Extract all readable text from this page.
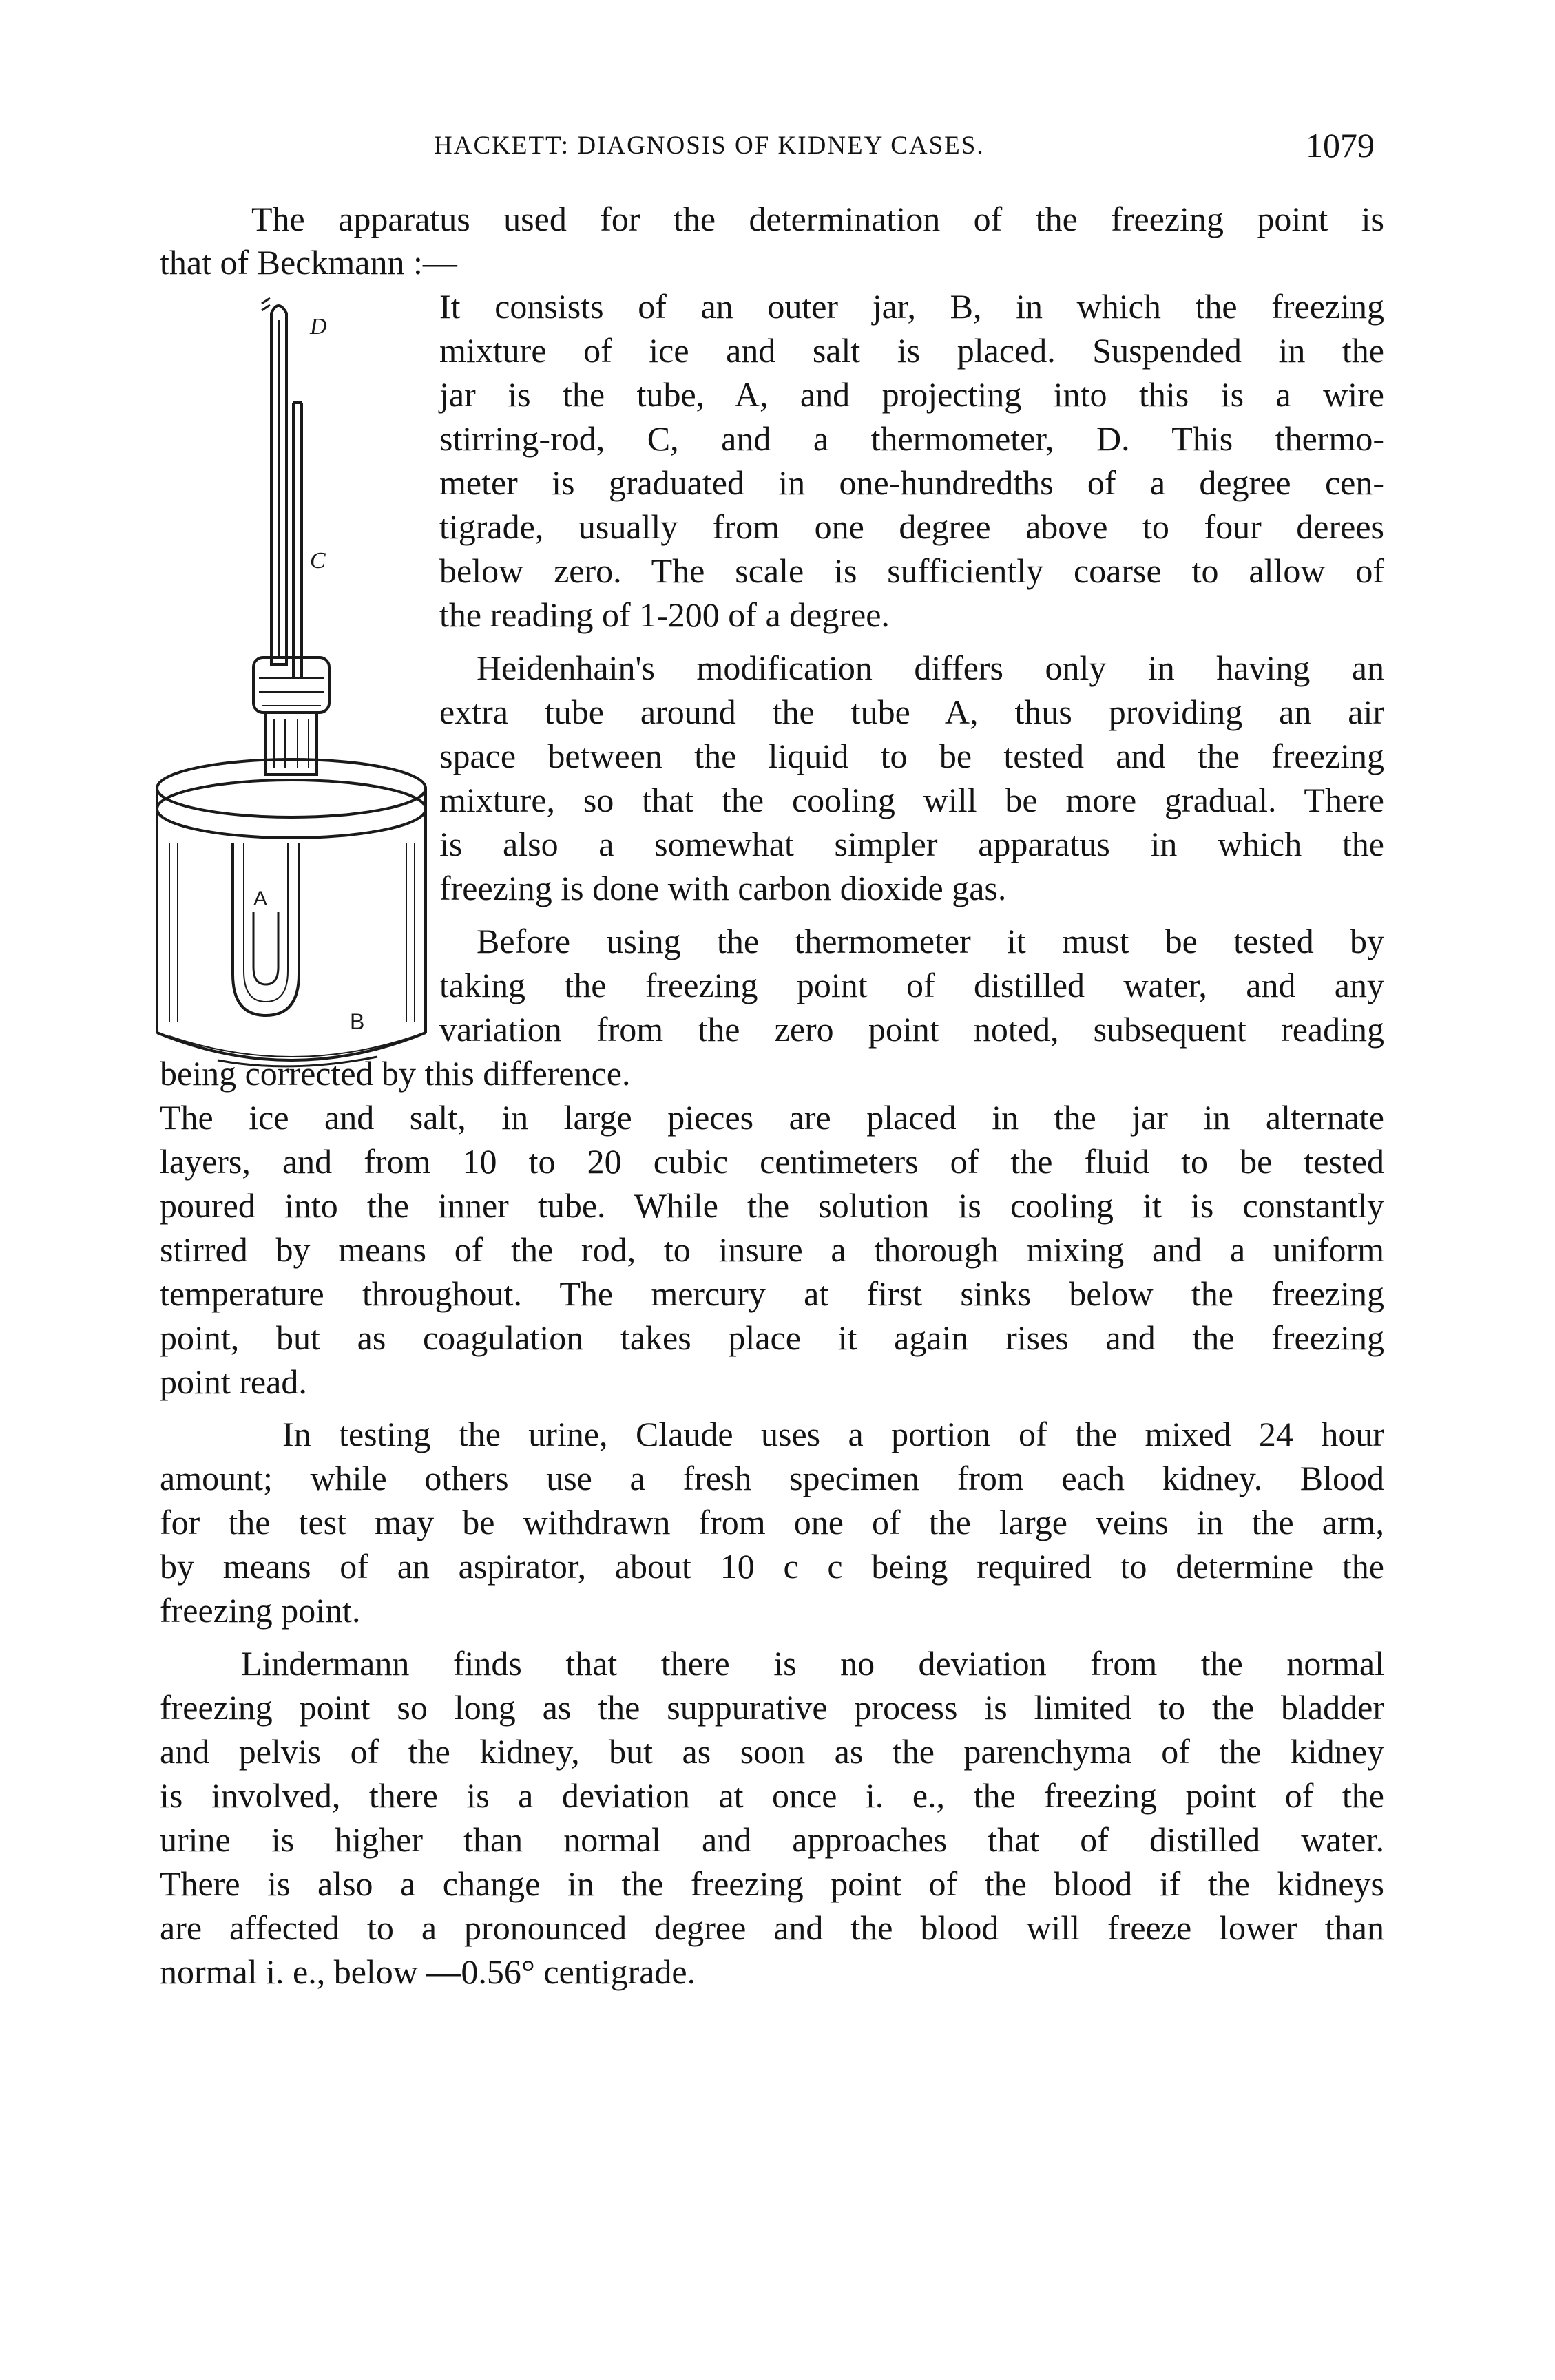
HACKETT: DIAGNOSIS OF KIDNEY CASES.	1079
D
C
A
B
The apparatus used for the determination of the freezing point is
that of Beckmann :—
It consists of an outer jar, B, in which the freezing
mixture of ice and salt is placed. Suspended in the
jar is the tube, A, and projecting into this is a wire
stirring-rod, C, and a thermometer, D. This thermo-
meter is graduated in one-hundredths of a degree cen-
tigrade, usually from one degree above to four derees
below zero. The scale is sufficiently coarse to allow of
the reading of 1-200 of a degree.
Heidenhain's modification differs only in having an
extra tube around the tube A, thus providing an air
space between the liquid to be tested and the freezing
mixture, so that the cooling will be more gradual. There
is also a somewhat simpler apparatus in which the
freezing is done with carbon dioxide gas.
Before using the thermometer it must be tested by
taking the freezing point of distilled water, and any
variation from the zero point noted, subsequent reading
being corrected by this difference.
The ice and salt, in large pieces are placed in the jar in alternate
layers, and from 10 to 20 cubic centimeters of the fluid to be tested
poured into the inner tube. While the solution is cooling it is constantly
stirred by means of the rod, to insure a thorough mixing and a uniform
temperature throughout. The mercury at first sinks below the freezing
point, but as coagulation takes place it again rises and the freezing
point read.
In testing the urine, Claude uses a portion of the mixed 24 hour
amount; while others use a fresh specimen from each kidney. Blood
for the test may be withdrawn from one of the large veins in the arm,
by means of an aspirator, about 10 c c being required to determine the
freezing point.
Lindermann finds that there is no deviation from the normal
freezing point so long as the suppurative process is limited to the bladder
and pelvis of the kidney, but as soon as the parenchyma of the kidney
is involved, there is a deviation at once i. e., the freezing point of the
urine is higher than normal and approaches that of distilled water.
There is also a change in the freezing point of the blood if the kidneys
are affected to a pronounced degree and the blood will freeze lower than
normal i. e., below —0.56° centigrade.
